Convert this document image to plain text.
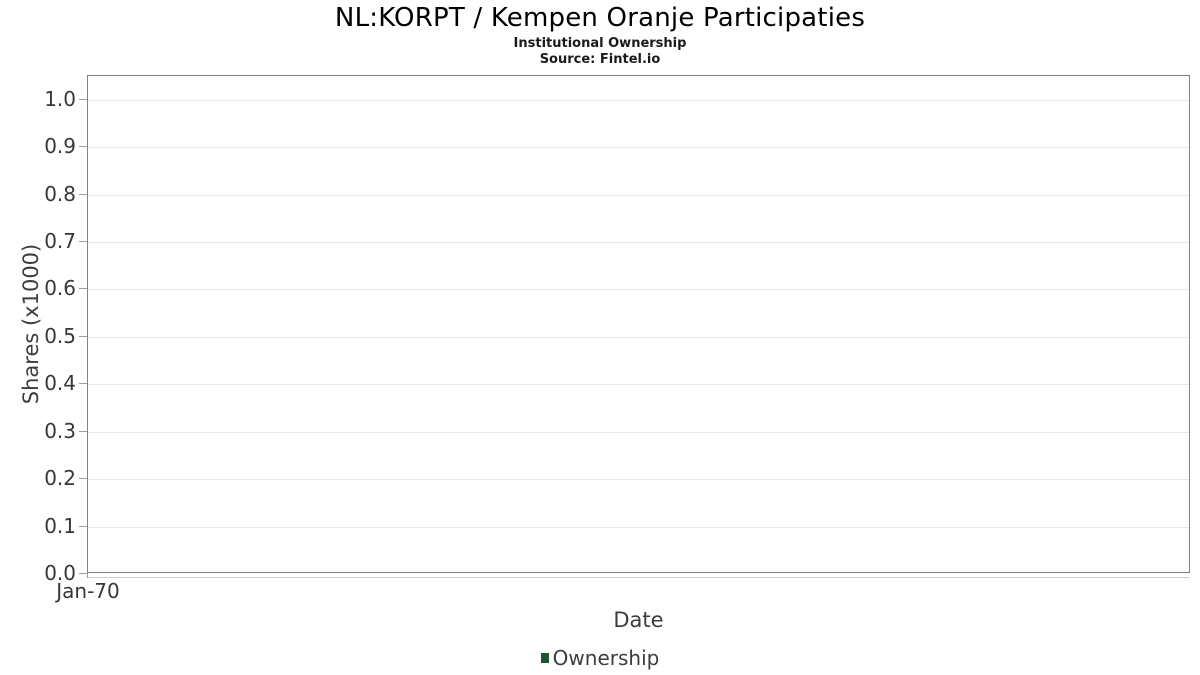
NL:KORPT / Kempen Oranje Participaties
Institutional Ownership
Source: Fintel.io
Shares (x1000)
0.0
0.1
0.2
0.3
0.4
0.5
0.6
0.7
0.8
0.9
1.0
Jan-70
Date
Ownership
